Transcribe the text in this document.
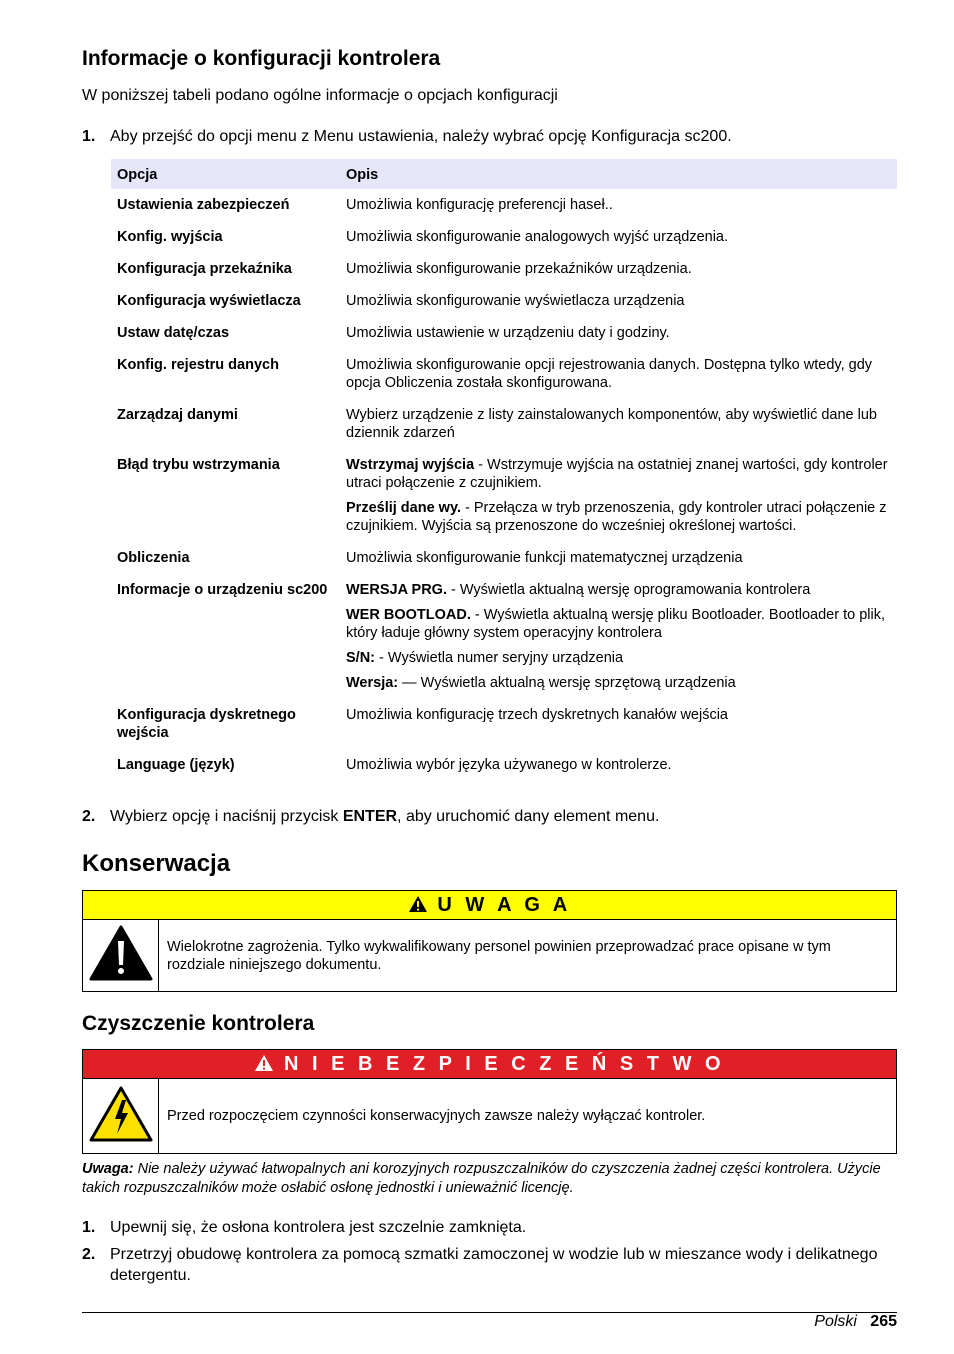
Informacje o konfiguracji kontrolera
W poniższej tabeli podano ogólne informacje o opcjach konfiguracji
1. Aby przejść do opcji menu z Menu ustawienia, należy wybrać opcję Konfiguracja sc200.
Opcja	Opis
Ustawienia zabezpieczeń	Umożliwia konfigurację preferencji haseł..

Konfig. wyjścia	Umożliwia skonfigurowanie analogowych wyjść urządzenia.

Konfiguracja przekaźnika	Umożliwia skonfigurowanie przekaźników urządzenia.

Konfiguracja wyświetlacza	Umożliwia skonfigurowanie wyświetlacza urządzenia

Ustaw datę/czas	Umożliwia ustawienie w urządzeniu daty i godziny.

Konfig. rejestru danych	Umożliwia skonfigurowanie opcji rejestrowania danych. Dostępna tylko wtedy, gdy opcja Obliczenia została skonfigurowana.

Zarządzaj danymi	Wybierz urządzenie z listy zainstalowanych komponentów, aby wyświetlić dane lub dziennik zdarzeń

Błąd trybu wstrzymania	Wstrzymaj wyjścia - Wstrzymuje wyjścia na ostatniej znanej wartości, gdy kontroler utraci połączenie z czujnikiem.
Prześlij dane wy. - Przełącza w tryb przenoszenia, gdy kontroler utraci połączenie z czujnikiem. Wyjścia są przenoszone do wcześniej określonej wartości.

Obliczenia	Umożliwia skonfigurowanie funkcji matematycznej urządzenia

Informacje o urządzeniu sc200	WERSJA PRG. - Wyświetla aktualną wersję oprogramowania kontrolera
WER BOOTLOAD. - Wyświetla aktualną wersję pliku Bootloader. Bootloader to plik, który ładuje główny system operacyjny kontrolera
S/N: - Wyświetla numer seryjny urządzenia
Wersja: — Wyświetla aktualną wersję sprzętową urządzenia

Konfiguracja dyskretnego wejścia	Umożliwia konfigurację trzech dyskretnych kanałów wejścia

Language (język)	Umożliwia wybór języka używanego w kontrolerze.
2. Wybierz opcję i naciśnij przycisk ENTER, aby uruchomić dany element menu.
Konserwacja
U W A G A
Wielokrotne zagrożenia. Tylko wykwalifikowany personel powinien przeprowadzać prace opisane w tym rozdziale niniejszego dokumentu.
Czyszczenie kontrolera
N I E B E Z P I E C Z E Ń S T W O
Przed rozpoczęciem czynności konserwacyjnych zawsze należy wyłączać kontroler.
Uwaga: Nie należy używać łatwopalnych ani korozyjnych rozpuszczalników do czyszczenia żadnej części kontrolera. Użycie takich rozpuszczalników może osłabić osłonę jednostki i unieważnić licencję.
1. Upewnij się, że osłona kontrolera jest szczelnie zamknięta.
2. Przetrzyj obudowę kontrolera za pomocą szmatki zamoczonej w wodzie lub w mieszance wody i delikatnego detergentu.
Polski 265
